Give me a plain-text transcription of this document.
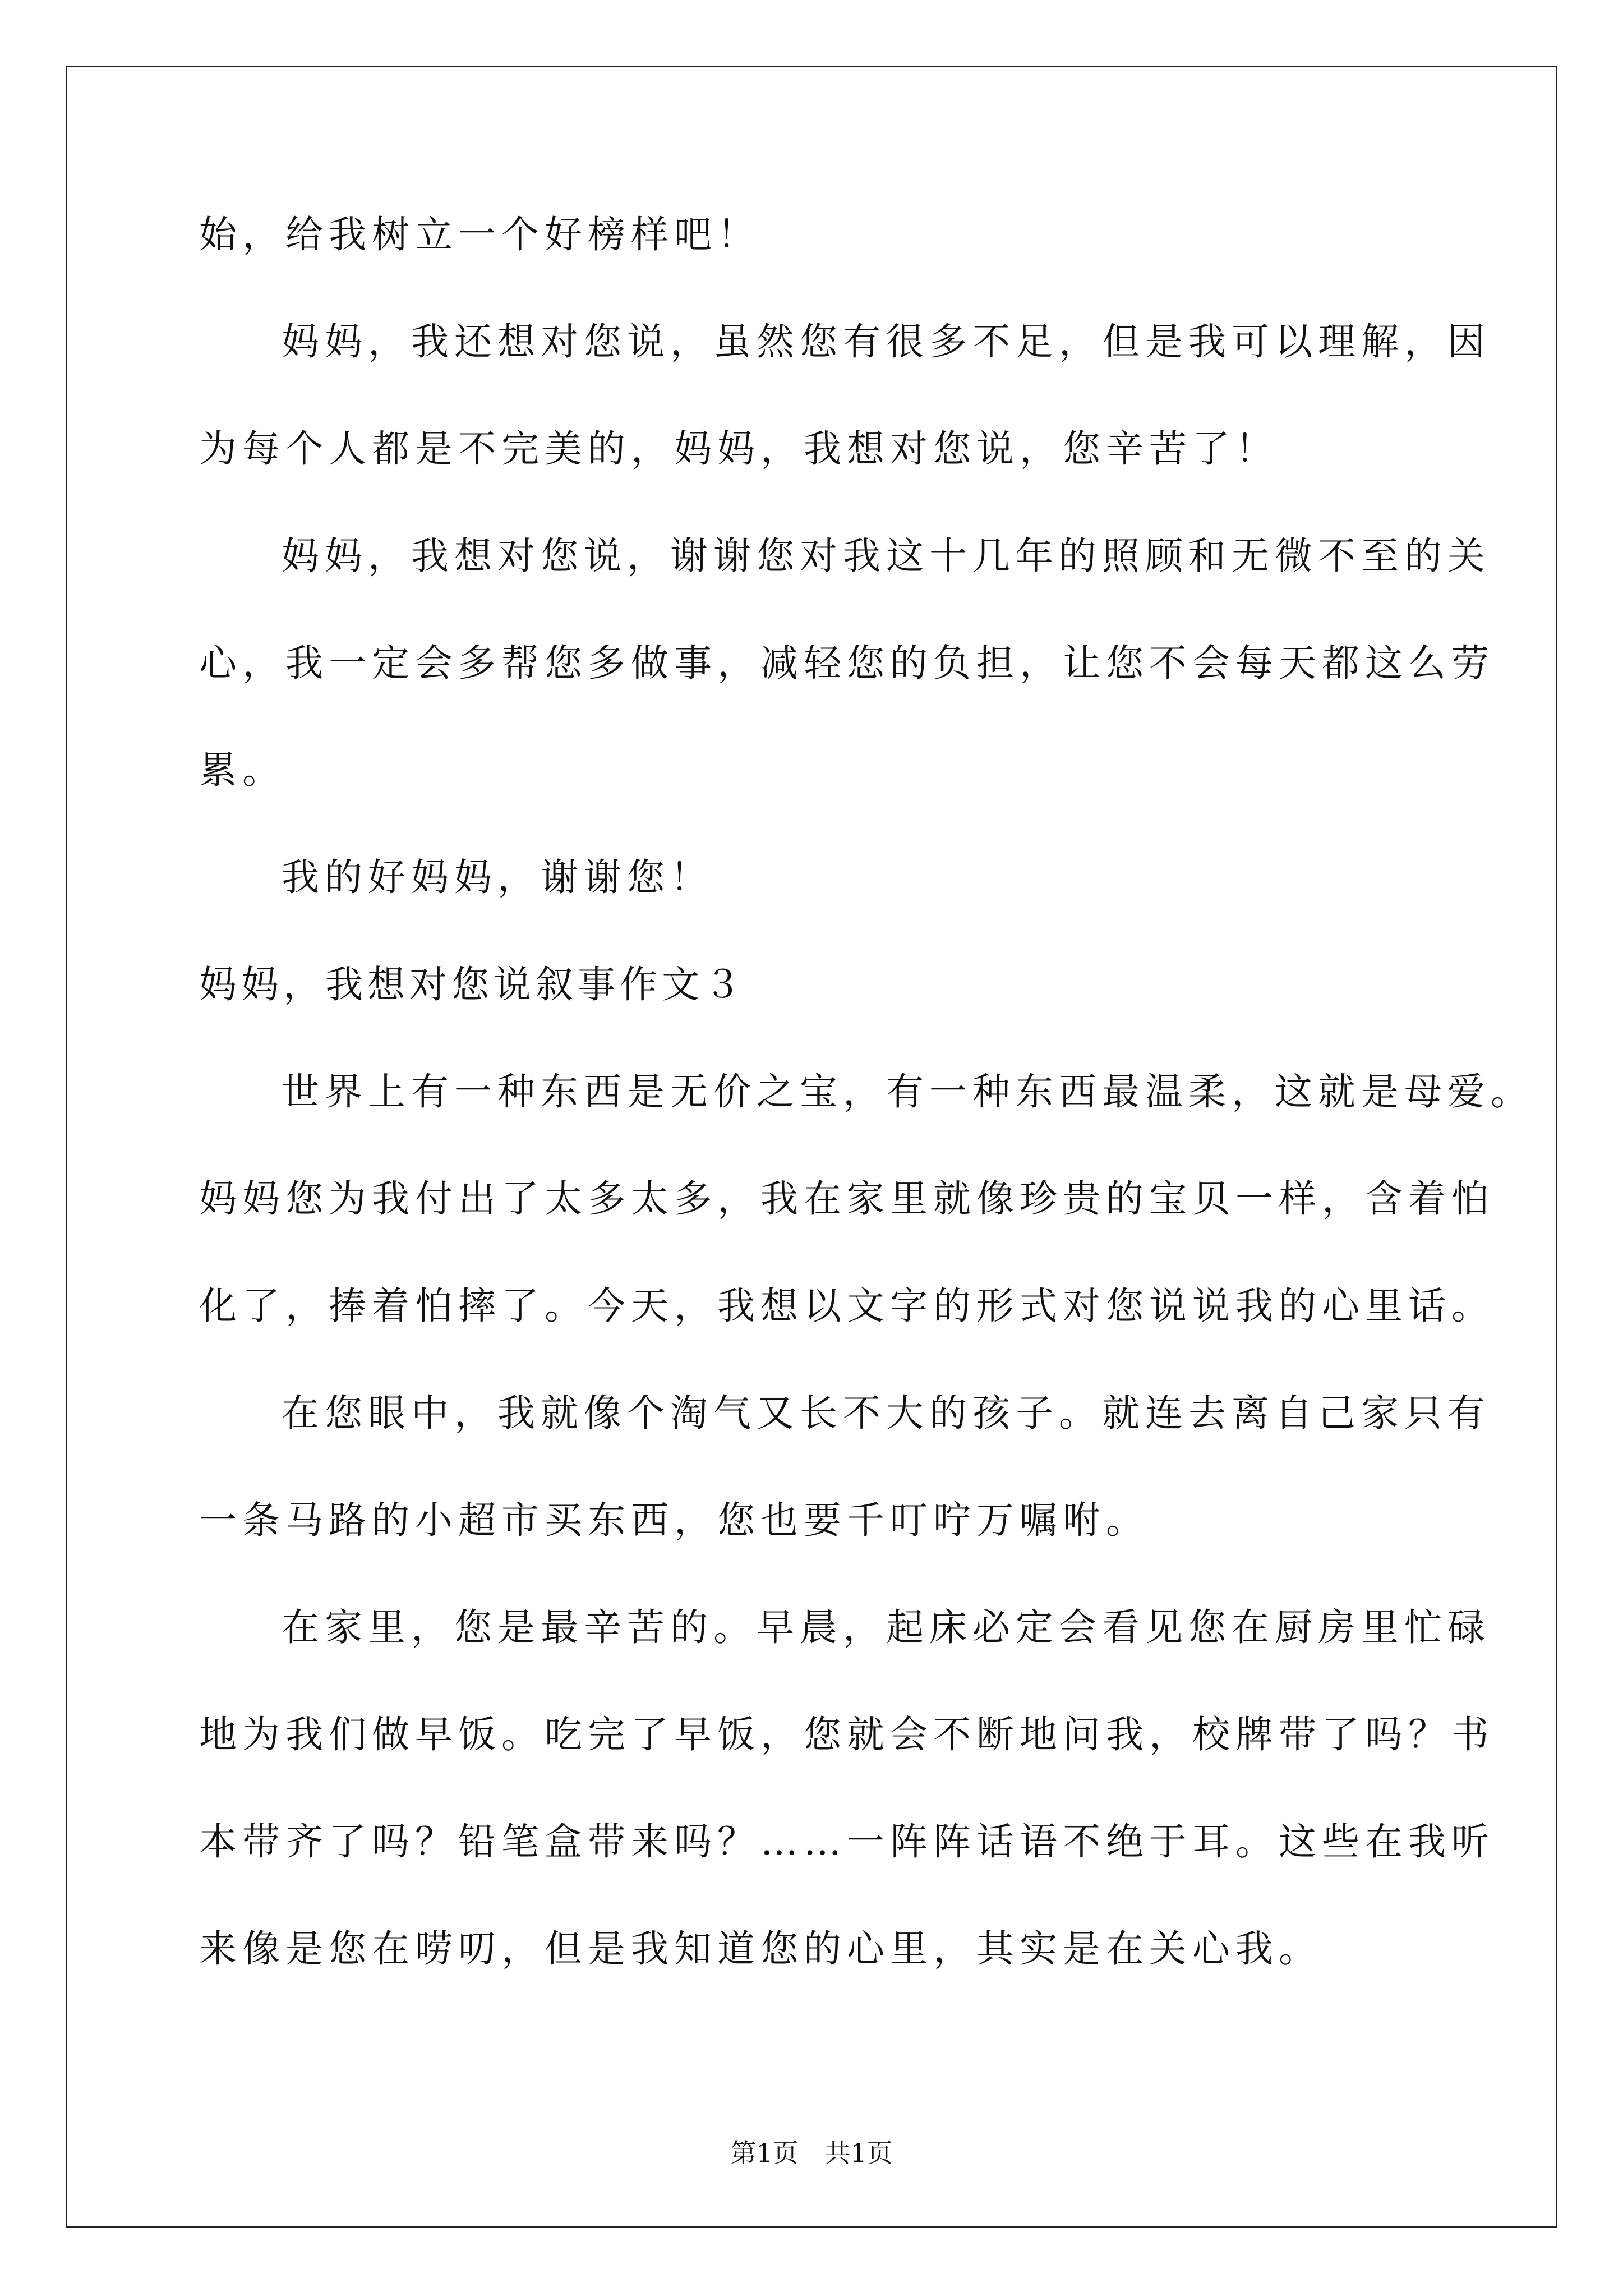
始，给我树立一个好榜样吧！
妈妈，我还想对您说，虽然您有很多不足，但是我可以理解，因
为每个人都是不完美的，妈妈，我想对您说，您辛苦了！
妈妈，我想对您说，谢谢您对我这十几年的照顾和无微不至的关
心，我一定会多帮您多做事，减轻您的负担，让您不会每天都这么劳
累。
我的好妈妈，谢谢您！
妈妈，我想对您说叙事作文３
世界上有一种东西是无价之宝，有一种东西最温柔，这就是母爱。
妈妈您为我付出了太多太多，我在家里就像珍贵的宝贝一样，含着怕
化了，捧着怕摔了。今天，我想以文字的形式对您说说我的心里话。
在您眼中，我就像个淘气又长不大的孩子。就连去离自己家只有
一条马路的小超市买东西，您也要千叮咛万嘱咐。
在家里，您是最辛苦的。早晨，起床必定会看见您在厨房里忙碌
地为我们做早饭。吃完了早饭，您就会不断地问我，校牌带了吗？书
本带齐了吗？铅笔盒带来吗？……一阵阵话语不绝于耳。这些在我听
来像是您在唠叨，但是我知道您的心里，其实是在关心我。
第1页 共1页
